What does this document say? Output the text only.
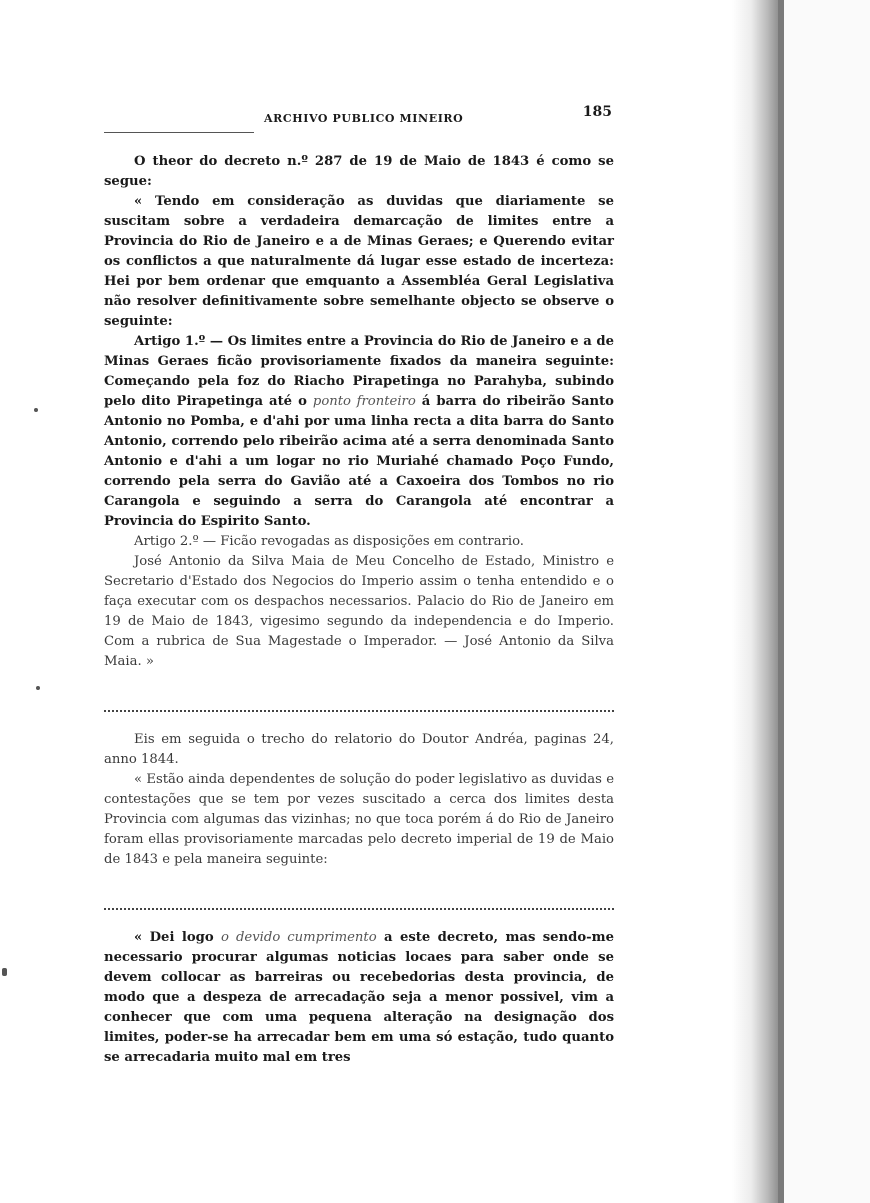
ARCHIVO PUBLICO MINEIRO	185

O theor do decreto n.º 287 de 19 de Maio de 1843 é como se segue:

« Tendo em consideração as duvidas que diariamente se suscitam sobre a verdadeira demarcação de limites entre a Provincia do Rio de Janeiro e a de Minas Geraes; e Querendo evitar os conflictos a que naturalmente dá lugar esse estado de incerteza: Hei por bem ordenar que emquanto a Assembléa Geral Legislativa não resolver definitivamente sobre semelhante objecto se observe o seguinte:

Artigo 1.º — Os limites entre a Provincia do Rio de Janeiro e a de Minas Geraes ficão provisoriamente fixados da maneira seguinte: Começando pela foz do Riacho Pirapetinga no Parahyba, subindo pelo dito Pirapetinga até o ponto fronteiro á barra do ribeirão Santo Antonio no Pomba, e d'ahi por uma linha recta a dita barra do Santo Antonio, correndo pelo ribeirão acima até a serra denominada Santo Antonio e d'ahi a um logar no rio Muriahé chamado Poço Fundo, correndo pela serra do Gavião até a Caxoeira dos Tombos no rio Carangola e seguindo a serra do Carangola até encontrar a Provincia do Espirito Santo.

Artigo 2.º — Ficão revogadas as disposições em contrario.

José Antonio da Silva Maia de Meu Concelho de Estado, Ministro e Secretario d'Estado dos Negocios do Imperio assim o tenha entendido e o faça executar com os despachos necessarios. Palacio do Rio de Janeiro em 19 de Maio de 1843, vigesimo segundo da independencia e do Imperio. Com a rubrica de Sua Magestade o Imperador. — José Antonio da Silva Maia. »

Eis em seguida o trecho do relatorio do Doutor Andréa, paginas 24, anno 1844.

« Estão ainda dependentes de solução do poder legislativo as duvidas e contestações que se tem por vezes suscitado a cerca dos limites desta Provincia com algumas das vizinhas; no que toca porém á do Rio de Janeiro foram ellas provisoriamente marcadas pelo decreto imperial de 19 de Maio de 1843 e pela maneira seguinte:

« Dei logo o devido cumprimento a este decreto, mas sendo-me necessario procurar algumas noticias locaes para saber onde se devem collocar as barreiras ou recebedorias desta provincia, de modo que a despeza de arrecadação seja a menor possivel, vim a conhecer que com uma pequena alteração na designação dos limites, poder-se ha arrecadar bem em uma só estação, tudo quanto se arrecadaria muito mal em tres
